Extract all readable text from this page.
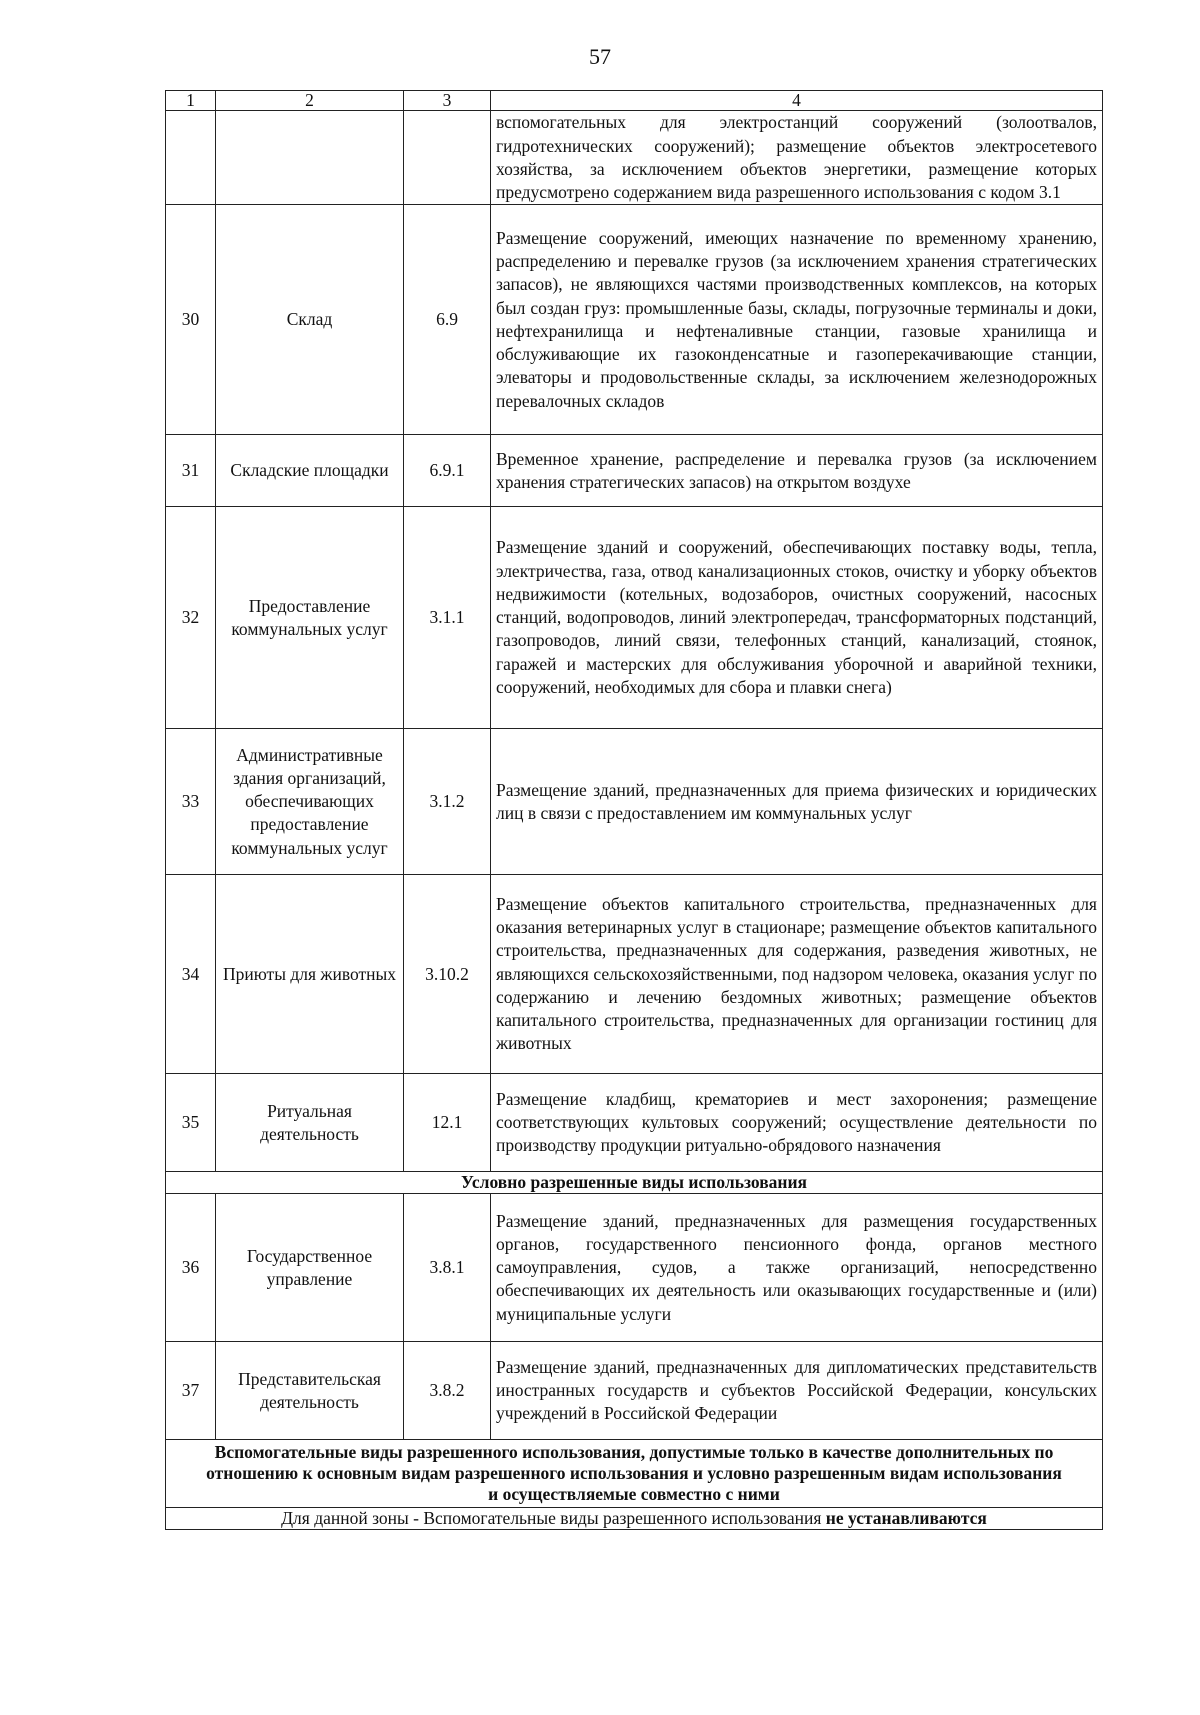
57
1	2	3	4
			вспомогательных для электростанций сооружений (золоотвалов, гидротехнических сооружений); размещение объектов электросетевого хозяйства, за исключением объектов энергетики, размещение которых предусмотрено содержанием вида разрешенного использования с кодом 3.1
30	Склад	6.9	Размещение сооружений, имеющих назначение по временному хранению, распределению и перевалке грузов (за исключением хранения стратегических запасов), не являющихся частями производственных комплексов, на которых был создан груз: промышленные базы, склады, погрузочные терминалы и доки, нефтехранилища и нефтеналивные станции, газовые хранилища и обслуживающие их газоконденсатные и газоперекачивающие станции, элеваторы и продовольственные склады, за исключением железнодорожных перевалочных складов
31	Складские площадки	6.9.1	Временное хранение, распределение и перевалка грузов (за исключением хранения стратегических запасов) на открытом воздухе
32	Предоставление коммунальных услуг	3.1.1	Размещение зданий и сооружений, обеспечивающих поставку воды, тепла, электричества, газа, отвод канализационных стоков, очистку и уборку объектов недвижимости (котельных, водозаборов, очистных сооружений, насосных станций, водопроводов, линий электропередач, трансформаторных подстанций, газопроводов, линий связи, телефонных станций, канализаций, стоянок, гаражей и мастерских для обслуживания уборочной и аварийной техники, сооружений, необходимых для сбора и плавки снега)
33	Административные здания организаций, обеспечивающих предоставление коммунальных услуг	3.1.2	Размещение зданий, предназначенных для приема физических и юридических лиц в связи с предоставлением им коммунальных услуг
34	Приюты для животных	3.10.2	Размещение объектов капитального строительства, предназначенных для оказания ветеринарных услуг в стационаре; размещение объектов капитального строительства, предназначенных для содержания, разведения животных, не являющихся сельскохозяйственными, под надзором человека, оказания услуг по содержанию и лечению бездомных животных; размещение объектов капитального строительства, предназначенных для организации гостиниц для животных
35	Ритуальная деятельность	12.1	Размещение кладбищ, крематориев и мест захоронения; размещение соответствующих культовых сооружений; осуществление деятельности по производству продукции ритуально-обрядового назначения
Условно разрешенные виды использования			
36	Государственное управление	3.8.1	Размещение зданий, предназначенных для размещения государственных органов, государственного пенсионного фонда, органов местного самоуправления, судов, а также организаций, непосредственно обеспечивающих их деятельность или оказывающих государственные и (или) муниципальные услуги
37	Представительская деятельность	3.8.2	Размещение зданий, предназначенных для дипломатических представительств иностранных государств и субъектов Российской Федерации, консульских учреждений в Российской Федерации
Вспомогательные виды разрешенного использования, допустимые только в качестве дополнительных по отношению к основным видам разрешенного использования и условно разрешенным видам использования и осуществляемые совместно с ними			
Для данной зоны - Вспомогательные виды разрешенного использования не устанавливаются			
